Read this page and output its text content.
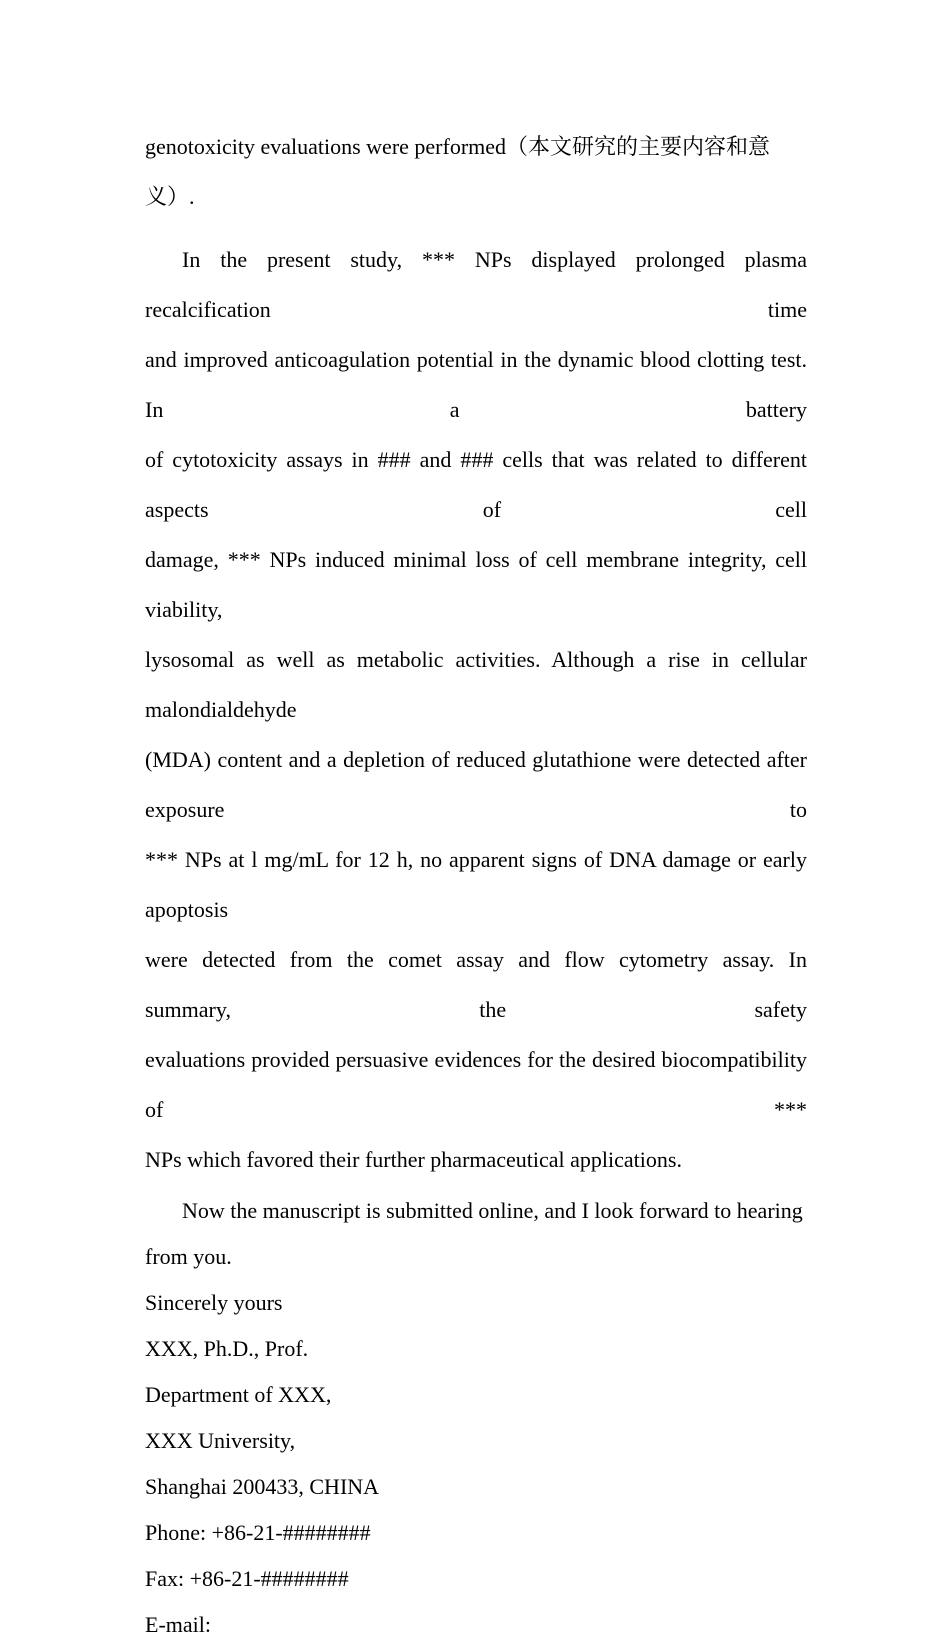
genotoxicity evaluations were performed（本文研究的主要内容和意义）.

In the present study, *** NPs displayed prolonged plasma recalcification time
and improved anticoagulation potential in the dynamic blood clotting test. In a battery
of cytotoxicity assays in ### and ### cells that was related to different aspects of cell
damage, *** NPs induced minimal loss of cell membrane integrity, cell viability,
lysosomal as well as metabolic activities. Although a rise in cellular malondialdehyde
(MDA) content and a depletion of reduced glutathione were detected after exposure to
*** NPs at l mg/mL for 12 h, no apparent signs of DNA damage or early apoptosis
were detected from the comet assay and flow cytometry assay. In summary, the safety
evaluations provided persuasive evidences for the desired biocompatibility of ***
NPs which favored their further pharmaceutical applications.

Now the manuscript is submitted online, and I look forward to hearing from you.

Sincerely yours
XXX, Ph.D., Prof.
Department of XXX,
XXX University,
Shanghai 200433, CHINA
Phone: +86-21-########
Fax: +86-21-########
E-mail:
